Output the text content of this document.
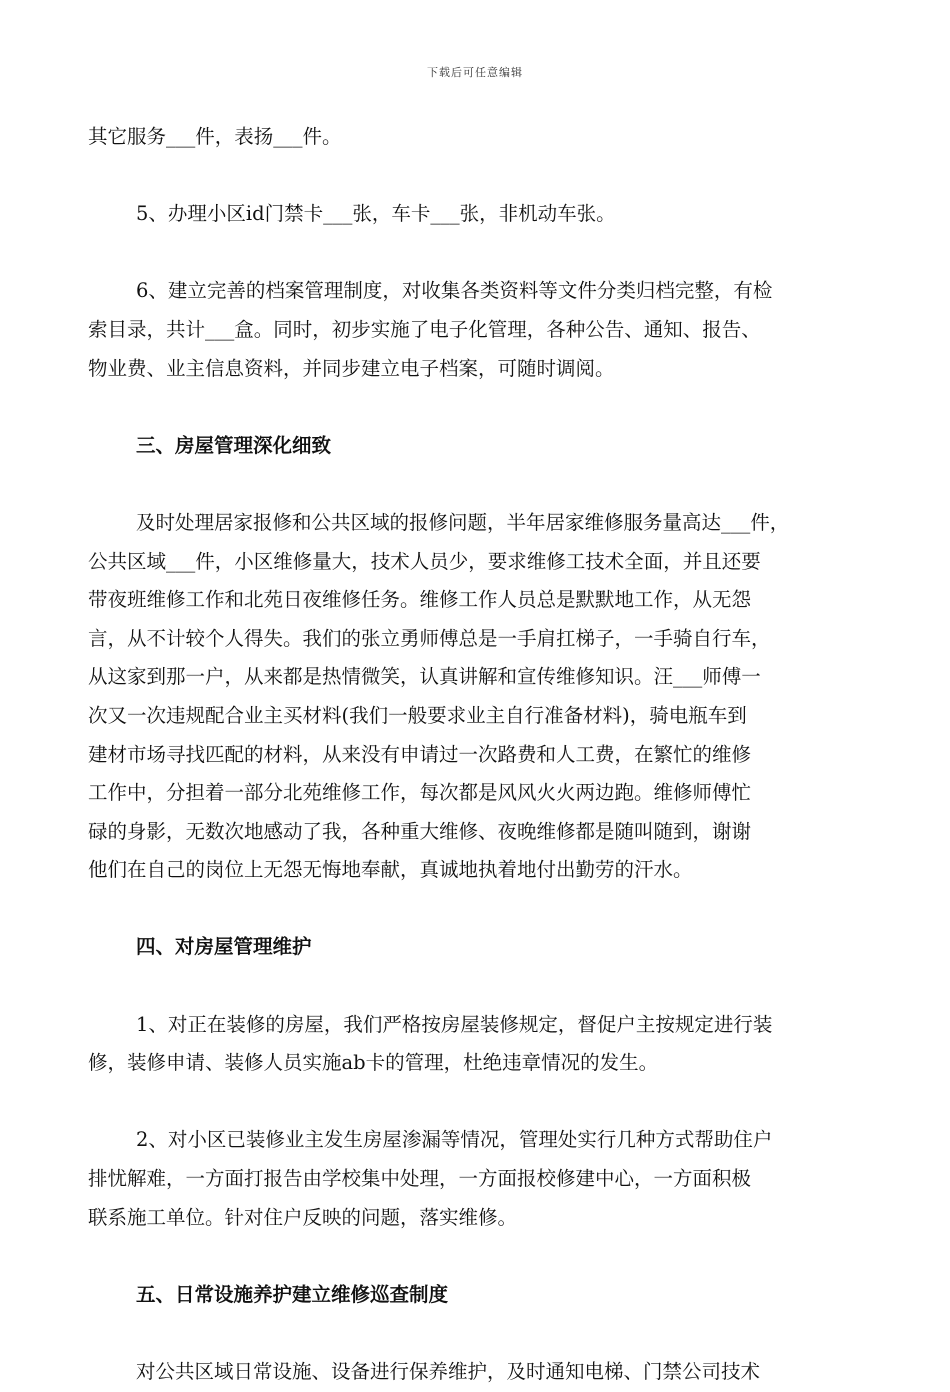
下载后可任意编辑
其它服务___件，表扬___件。
5、办理小区id门禁卡___张，车卡___张，非机动车张。
6、建立完善的档案管理制度，对收集各类资料等文件分类归档完整，有检
索目录，共计___盒。同时，初步实施了电子化管理，各种公告、通知、报告、
物业费、业主信息资料，并同步建立电子档案，可随时调阅。
三、房屋管理深化细致
及时处理居家报修和公共区域的报修问题，半年居家维修服务量高达___件，
公共区域___件，小区维修量大，技术人员少，要求维修工技术全面，并且还要
带夜班维修工作和北苑日夜维修任务。维修工作人员总是默默地工作，从无怨
言，从不计较个人得失。我们的张立勇师傅总是一手肩扛梯子，一手骑自行车，
从这家到那一户，从来都是热情微笑，认真讲解和宣传维修知识。汪___师傅一
次又一次违规配合业主买材料(我们一般要求业主自行准备材料)，骑电瓶车到
建材市场寻找匹配的材料，从来没有申请过一次路费和人工费，在繁忙的维修
工作中，分担着一部分北苑维修工作，每次都是风风火火两边跑。维修师傅忙
碌的身影，无数次地感动了我，各种重大维修、夜晚维修都是随叫随到，谢谢
他们在自己的岗位上无怨无悔地奉献，真诚地执着地付出勤劳的汗水。
四、对房屋管理维护
1、对正在装修的房屋，我们严格按房屋装修规定，督促户主按规定进行装
修，装修申请、装修人员实施ab卡的管理，杜绝违章情况的发生。
2、对小区已装修业主发生房屋渗漏等情况，管理处实行几种方式帮助住户
排忧解难，一方面打报告由学校集中处理，一方面报校修建中心，一方面积极
联系施工单位。针对住户反映的问题，落实维修。
五、日常设施养护建立维修巡查制度
对公共区域日常设施、设备进行保养维护，及时通知电梯、门禁公司技术
